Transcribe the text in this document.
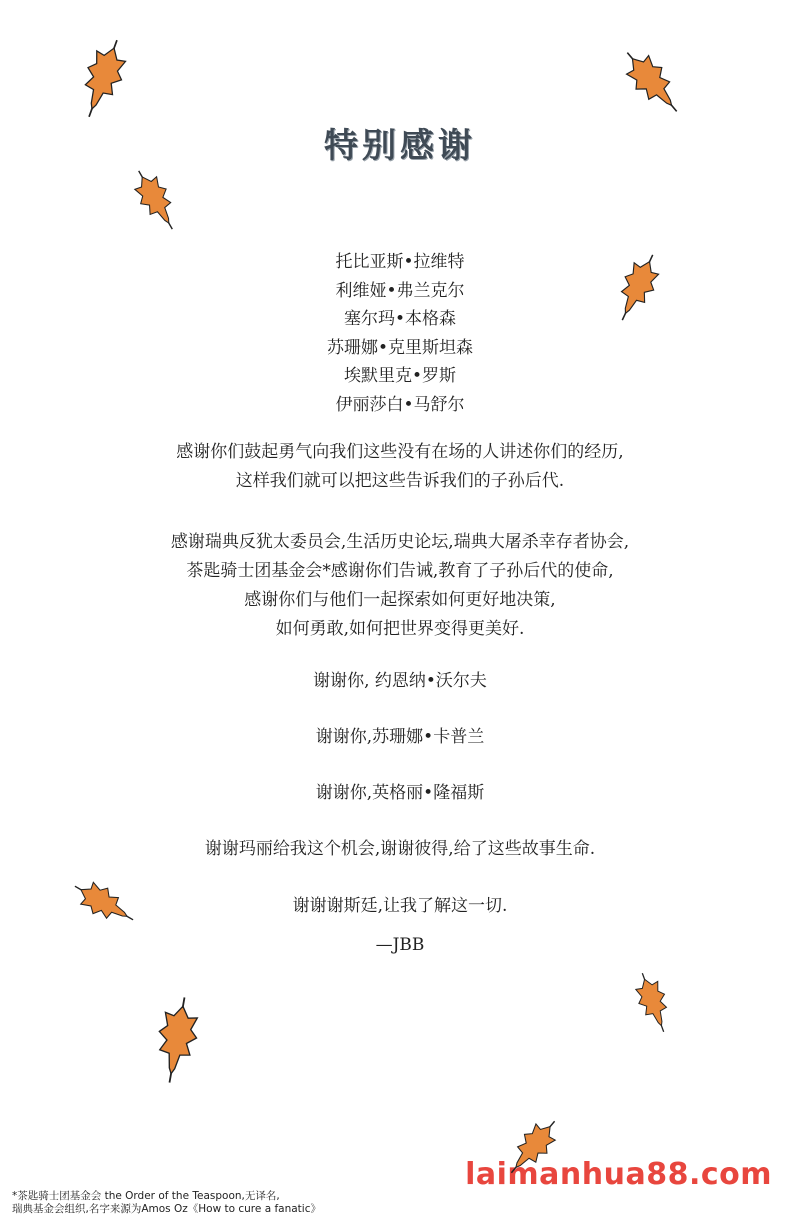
特别感谢
托比亚斯•拉维特
利维娅•弗兰克尔
塞尔玛•本格森
苏珊娜•克里斯坦森
埃默里克•罗斯
伊丽莎白•马舒尔
感谢你们鼓起勇气向我们这些没有在场的人讲述你们的经历,
这样我们就可以把这些告诉我们的子孙后代.
感谢瑞典反犹太委员会,生活历史论坛,瑞典大屠杀幸存者协会,
茶匙骑士团基金会*感谢你们告诫,教育了子孙后代的使命,
感谢你们与他们一起探索如何更好地决策,
如何勇敢,如何把世界变得更美好.
谢谢你, 约恩纳•沃尔夫
谢谢你,苏珊娜•卡普兰
谢谢你,英格丽•隆福斯
谢谢玛丽给我这个机会,谢谢彼得,给了这些故事生命.
谢谢谢斯廷,让我了解这一切.
—JBB
*茶匙骑士团基金会 the Order of the Teaspoon,无译名,
瑞典基金会组织,名字来源为Amos Oz《How to cure a fanatic》
laimanhua88.com
